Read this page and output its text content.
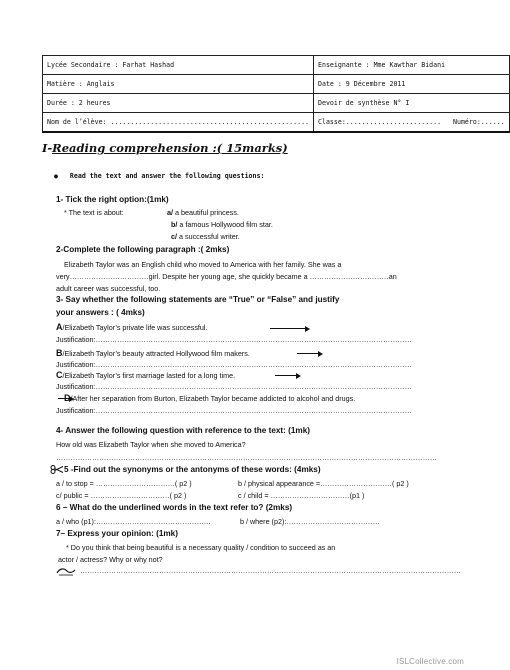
Lycée Secondaire : Farhat Hashad	Enseignante : Mme Kawthar Bidani
Matière : Anglais	Date : 9 Décembre 2011
Durée : 2 heures	Devoir de synthèse N° I
Nom de l’élève: ..................................................	Classe:........................ Numéro:......
I-Reading comprehension :( 15marks)
● Read the text and answer the following questions:
1- Tick the right option:(1mk)
* The text is about:	a/ a beautiful princess.
b/ a famous Hollywood film star.
c/ a successful writer.
2-Complete the following paragraph :( 2mks)
Elizabeth Taylor was an English child who moved to America with her family. She was a
very……………………………girl. Despite her young age, she quickly became a ……………………………an
adult career was successful, too.
3- Say whether the following statements are “True” or “False” and justify
your answers : ( 4mks)
A/Elizabeth Taylor’s private life was successful.
Justification:……………………………………………………………………………………………………………………
B/Elizabeth Taylor’s beauty attracted Hollywood film makers.
Justification:……………………………………………………………………………………………………………………
C/Elizabeth Taylor’s first marriage lasted for a long time.
Justification:……………………………………………………………………………………………………………………
D/After her separation from Burton, Elizabeth Taylor became addicted to alcohol and drugs.
Justification:……………………………………………………………………………………………………………………
4- Answer the following question with reference to the text: (1mk)
How old was Elizabeth Taylor when she moved to America?
……………………………………………………………………………………………………………………………………………
5 -Find out the synonyms or the antonyms of these words: (4mks)
a / to stop = ……………………………( p2 )	b / physical appearance =…………………………( p2 )
c/ public = ……………………………( p2 )	c / child = ……………………………(p1 )
6 – What do the underlined words in the text refer to? (2mks)
a / who (p1):…………………………………………	b / where (p2):…………………………………
7– Express your opinion: (1mk)
* Do you think that being beautiful is a necessary quality / condition to succeed as an
actor / actress? Why or why not?
……………………………………………………………………………………………………………………………………………
ISLCollective.com
